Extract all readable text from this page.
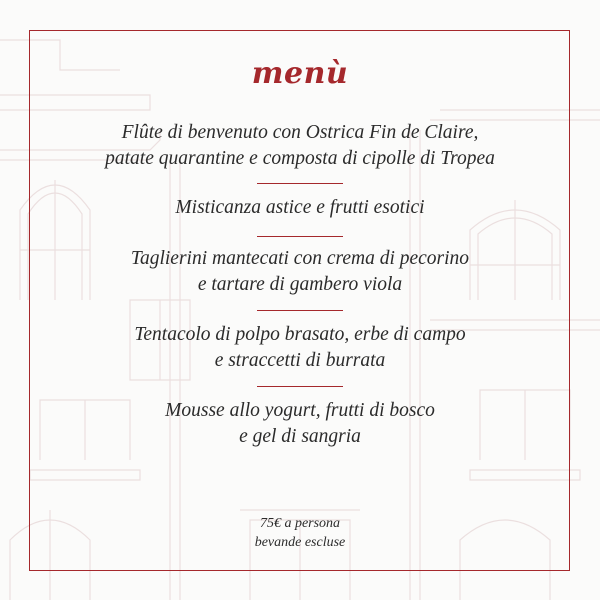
menù
Flûte di benvenuto con Ostrica Fin de Claire,
patate quarantine e composta di cipolle di Tropea
Misticanza astice e frutti esotici
Taglierini mantecati con crema di pecorino
e tartare di gambero viola
Tentacolo di polpo brasato, erbe di campo
e straccetti di burrata
Mousse allo yogurt, frutti di bosco
e gel di sangria
75€ a persona
bevande escluse
